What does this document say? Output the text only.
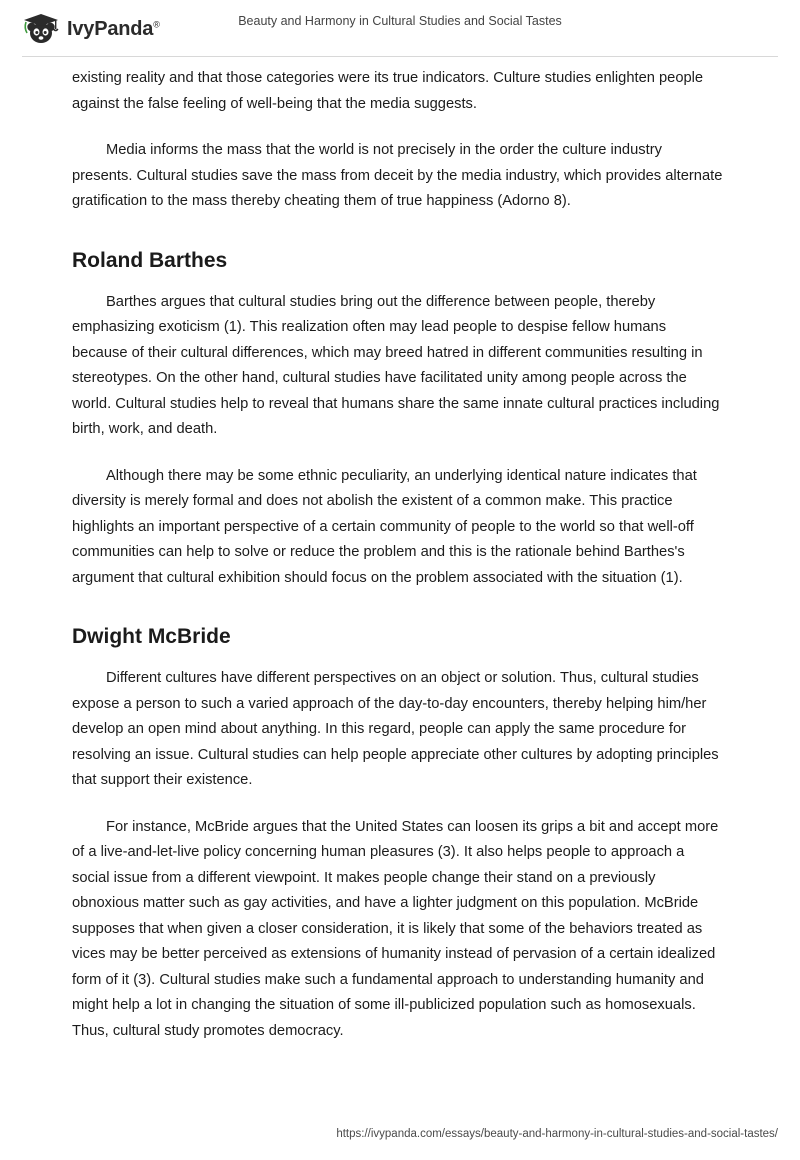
IvyPanda®	Beauty and Harmony in Cultural Studies and Social Tastes

existing reality and that those categories were its true indicators. Culture studies enlighten people against the false feeling of well-being that the media suggests.

Media informs the mass that the world is not precisely in the order the culture industry presents. Cultural studies save the mass from deceit by the media industry, which provides alternate gratification to the mass thereby cheating them of true happiness (Adorno 8).

Roland Barthes

Barthes argues that cultural studies bring out the difference between people, thereby emphasizing exoticism (1). This realization often may lead people to despise fellow humans because of their cultural differences, which may breed hatred in different communities resulting in stereotypes. On the other hand, cultural studies have facilitated unity among people across the world. Cultural studies help to reveal that humans share the same innate cultural practices including birth, work, and death.

Although there may be some ethnic peculiarity, an underlying identical nature indicates that diversity is merely formal and does not abolish the existent of a common make. This practice highlights an important perspective of a certain community of people to the world so that well-off communities can help to solve or reduce the problem and this is the rationale behind Barthes's argument that cultural exhibition should focus on the problem associated with the situation (1).

Dwight McBride

Different cultures have different perspectives on an object or solution. Thus, cultural studies expose a person to such a varied approach of the day-to-day encounters, thereby helping him/her develop an open mind about anything. In this regard, people can apply the same procedure for resolving an issue. Cultural studies can help people appreciate other cultures by adopting principles that support their existence.

For instance, McBride argues that the United States can loosen its grips a bit and accept more of a live-and-let-live policy concerning human pleasures (3). It also helps people to approach a social issue from a different viewpoint. It makes people change their stand on a previously obnoxious matter such as gay activities, and have a lighter judgment on this population. McBride supposes that when given a closer consideration, it is likely that some of the behaviors treated as vices may be better perceived as extensions of humanity instead of pervasion of a certain idealized form of it (3). Cultural studies make such a fundamental approach to understanding humanity and might help a lot in changing the situation of some ill-publicized population such as homosexuals. Thus, cultural study promotes democracy.

https://ivypanda.com/essays/beauty-and-harmony-in-cultural-studies-and-social-tastes/
